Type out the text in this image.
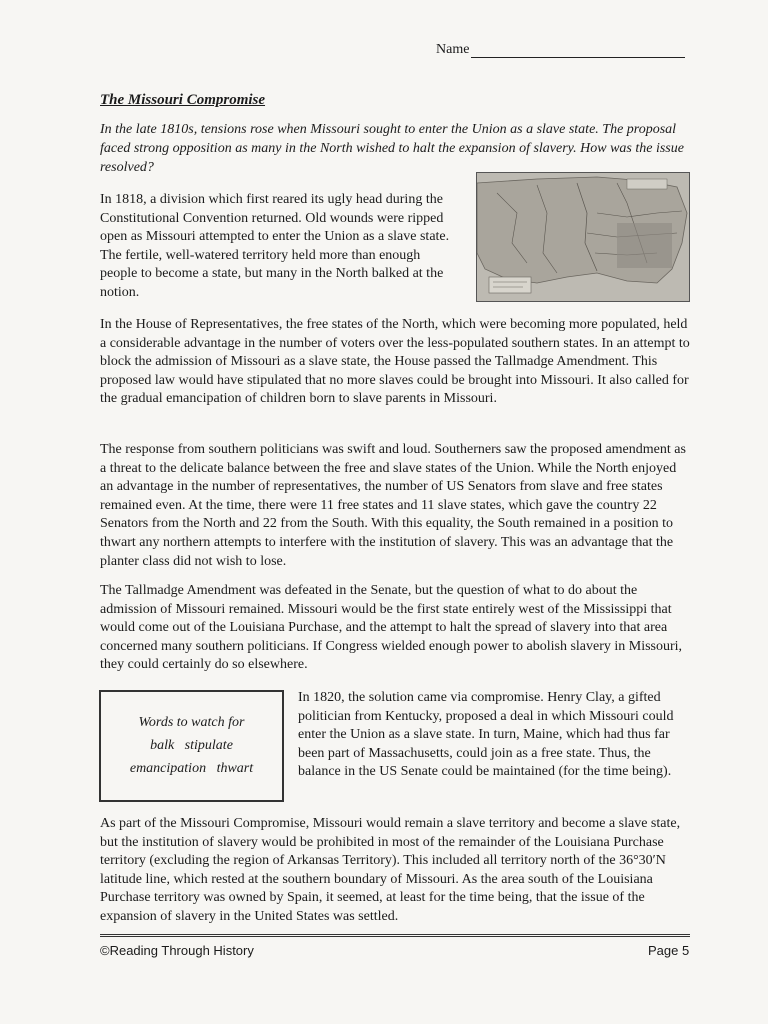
Name
The Missouri Compromise
In the late 1810s, tensions rose when Missouri sought to enter the Union as a slave state. The proposal faced strong opposition as many in the North wished to halt the expansion of slavery. How was the issue resolved?
In 1818, a division which first reared its ugly head during the Constitutional Convention returned. Old wounds were ripped open as Missouri attempted to enter the Union as a slave state. The fertile, well-watered territory held more than enough people to become a state, but many in the North balked at the notion.
In the House of Representatives, the free states of the North, which were becoming more populated, held a considerable advantage in the number of voters over the less-populated southern states. In an attempt to block the admission of Missouri as a slave state, the House passed the Tallmadge Amendment. This proposed law would have stipulated that no more slaves could be brought into Missouri. It also called for the gradual emancipation of children born to slave parents in Missouri.
The response from southern politicians was swift and loud. Southerners saw the proposed amendment as a threat to the delicate balance between the free and slave states of the Union. While the North enjoyed an advantage in the number of representatives, the number of US Senators from slave and free states remained even. At the time, there were 11 free states and 11 slave states, which gave the country 22 Senators from the North and 22 from the South. With this equality, the South remained in a position to thwart any northern attempts to interfere with the institution of slavery. This was an advantage that the planter class did not wish to lose.
The Tallmadge Amendment was defeated in the Senate, but the question of what to do about the admission of Missouri remained. Missouri would be the first state entirely west of the Mississippi that would come out of the Louisiana Purchase, and the attempt to halt the spread of slavery into that area concerned many southern politicians. If Congress wielded enough power to abolish slavery in Missouri, they could certainly do so elsewhere.
Words to watch for
balk   stipulate
emancipation   thwart
In 1820, the solution came via compromise. Henry Clay, a gifted politician from Kentucky, proposed a deal in which Missouri could enter the Union as a slave state. In turn, Maine, which had thus far been part of Massachusetts, could join as a free state. Thus, the balance in the US Senate could be maintained (for the time being).
As part of the Missouri Compromise, Missouri would remain a slave territory and become a slave state, but the institution of slavery would be prohibited in most of the remainder of the Louisiana Purchase territory (excluding the region of Arkansas Territory). This included all territory north of the 36°30′N latitude line, which rested at the southern boundary of Missouri. As the area south of the Louisiana Purchase territory was owned by Spain, it seemed, at least for the time being, that the issue of the expansion of slavery in the United States was settled.
©Reading Through History	Page 5
